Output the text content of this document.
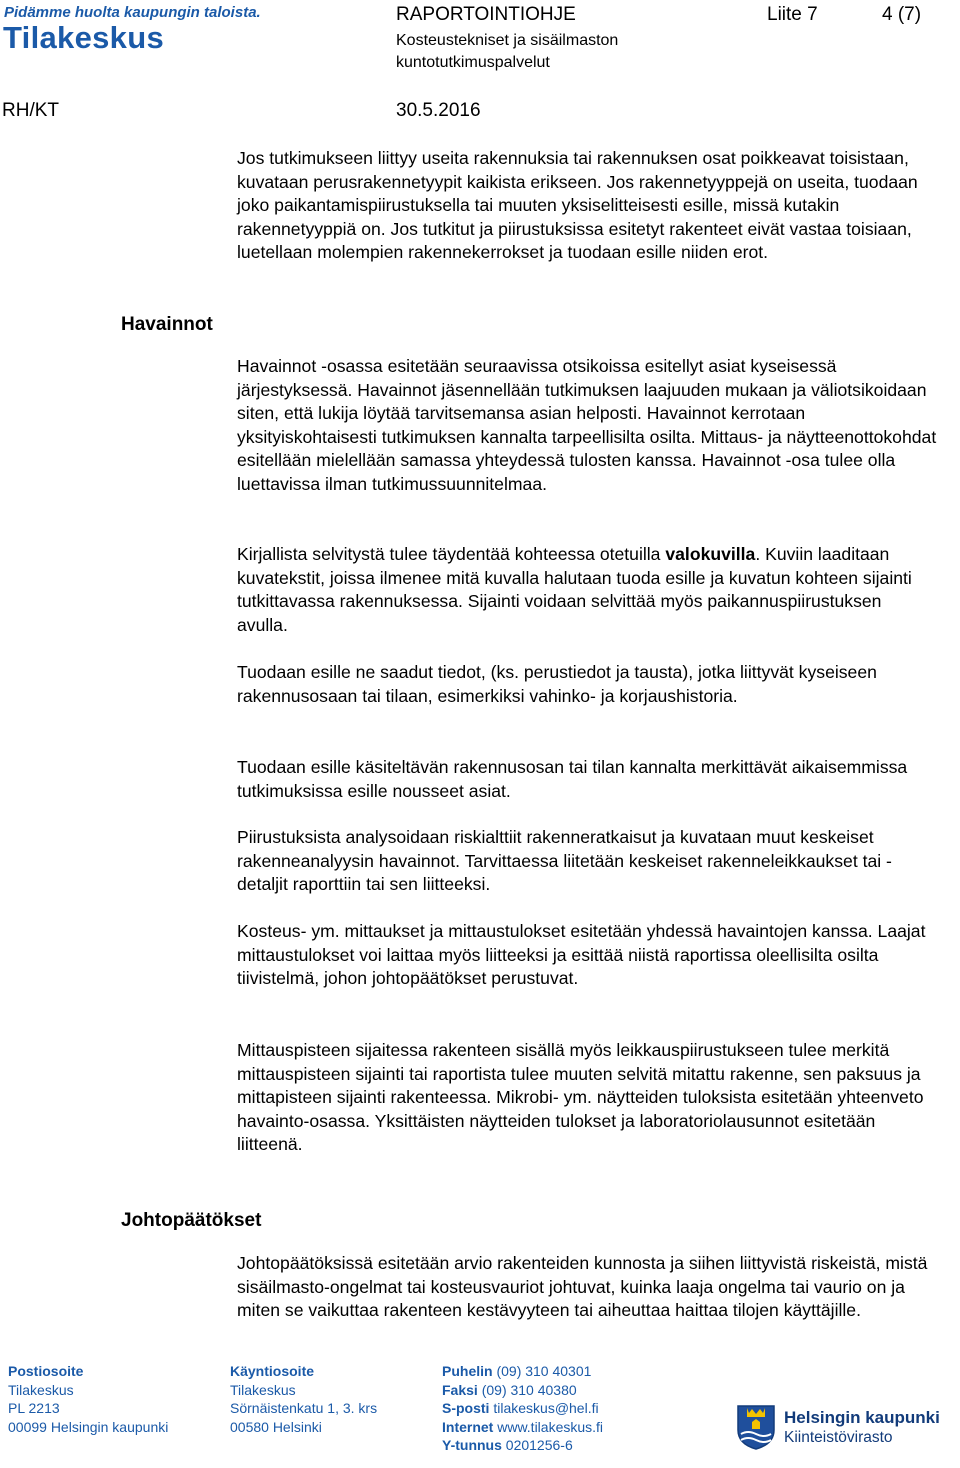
Pidämme huolta kaupungin taloista.
Tilakeskus
RAPORTOINTIOHJE
Kosteustekniset ja sisäilmaston kuntotutkimuspalvelut
Liite 7	4 (7)
RH/KT	30.5.2016

Jos tutkimukseen liittyy useita rakennuksia tai rakennuksen osat poikkeavat toisistaan, kuvataan perusrakennetyypit kaikista erikseen. Jos rakennetyyppejä on useita, tuodaan joko paikantamispiirustuksella tai muuten yksiselitteisesti esille, missä kutakin rakennetyyppiä on. Jos tutkitut ja piirustuksissa esitetyt rakenteet eivät vastaa toisiaan, luetellaan molempien rakennekerrokset ja tuodaan esille niiden erot.

Havainnot

Havainnot -osassa esitetään seuraavissa otsikoissa esitellyt asiat kyseisessä järjestyksessä. Havainnot jäsennellään tutkimuksen laajuuden mukaan ja väliotsikoidaan siten, että lukija löytää tarvitsemansa asian helposti. Havainnot kerrotaan yksityiskohtaisesti tutkimuksen kannalta tarpeellisilta osilta. Mittaus- ja näytteenottokohdat esitellään mielellään samassa yhteydessä tulosten kanssa. Havainnot -osa tulee olla luettavissa ilman tutkimussuunnitelmaa.

Kirjallista selvitystä tulee täydentää kohteessa otetuilla valokuvilla. Kuviin laaditaan kuvatekstit, joissa ilmenee mitä kuvalla halutaan tuoda esille ja kuvatun kohteen sijainti tutkittavassa rakennuksessa. Sijainti voidaan selvittää myös paikannuspiirustuksen avulla.

Tuodaan esille ne saadut tiedot, (ks. perustiedot ja tausta), jotka liittyvät kyseiseen rakennusosaan tai tilaan, esimerkiksi vahinko- ja korjaushistoria.

Tuodaan esille käsiteltävän rakennusosan tai tilan kannalta merkittävät aikaisemmissa tutkimuksissa esille nousseet asiat.

Piirustuksista analysoidaan riskialttiit rakenneratkaisut ja kuvataan muut keskeiset rakenneanalyysin havainnot. Tarvittaessa liitetään keskeiset rakenneleikkaukset tai -detaljit raporttiin tai sen liitteeksi.

Kosteus- ym. mittaukset ja mittaustulokset esitetään yhdessä havaintojen kanssa. Laajat mittaustulokset voi laittaa myös liitteeksi ja esittää niistä raportissa oleellisilta osilta tiivistelmä, johon johtopäätökset perustuvat.

Mittauspisteen sijaitessa rakenteen sisällä myös leikkauspiirustukseen tulee merkitä mittauspisteen sijainti tai raportista tulee muuten selvitä mitattu rakenne, sen paksuus ja mittapisteen sijainti rakenteessa. Mikrobi- ym. näytteiden tuloksista esitetään yhteenveto havainto-osassa. Yksittäisten näytteiden tulokset ja laboratoriolausunnot esitetään liitteenä.

Johtopäätökset

Johtopäätöksissä esitetään arvio rakenteiden kunnosta ja siihen liittyvistä riskeistä, mistä sisäilmasto-ongelmat tai kosteusvauriot johtuvat, kuinka laaja ongelma tai vaurio on ja miten se vaikuttaa rakenteen kestävyyteen tai aiheuttaa haittaa tilojen käyttäjille.

Postiosoite
Tilakeskus
PL 2213
00099 Helsingin kaupunki
Käyntiosoite
Tilakeskus
Sörnäistenkatu 1, 3. krs
00580 Helsinki
Puhelin (09) 310 40301
Faksi (09) 310 40380
S-posti tilakeskus@hel.fi
Internet www.tilakeskus.fi
Y-tunnus 0201256-6
Helsingin kaupunki
Kiinteistövirasto
